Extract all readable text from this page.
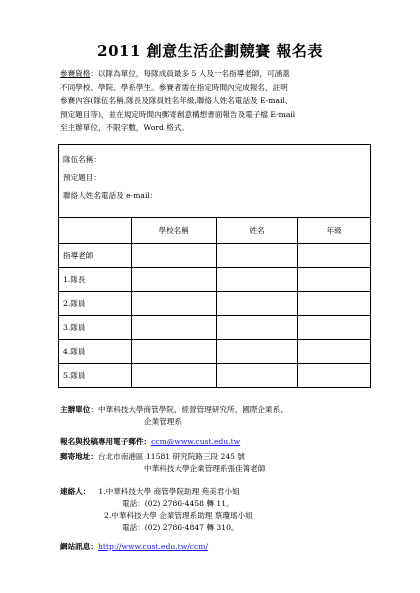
2011 創意生活企劃競賽 報名表

參賽資格：以隊為單位，每隊成員最多 5 人及一名指導老師，可涵蓋

不同學校、學院、學系學生。參賽者需在指定時間內完成報名，註明

參賽內容(隊伍名稱,隊長及隊員姓名年級,聯絡人姓名電話及 E-mail、

預定題目等)，並在規定時間內郵寄創意構想書面報告及電子檔 E-mail

至主辦單位，不限字數，Word 格式。

隊伍名稱：
預定題目：
聯絡人姓名電話及 e-mail：			

	學校名稱	姓名	年級
指導老師			
1.隊長			
2.隊員			
3.隊員			
4.隊員			
5.隊員			
主辦單位：中華科技大學商管學院、經營管理研究所、國際企業系、
企業管理系
報名與投稿專用電子郵件：ccm@www.cust.edu.tw
郵寄地址：台北市南港區 11581 研究院路三段 245 號
中華科技大學企業管理系張佳箐老師
連絡人： 1.中華科技大學 商管學院助理 苑美君小姐
電話：(02) 2786-4458 轉 11。
2.中華科技大學 企業管理系助理 蔡瓊瑤小姐
電話：(02) 2786-4847 轉 310。
網站訊息：http://www.cust.edu.tw/ccm/
